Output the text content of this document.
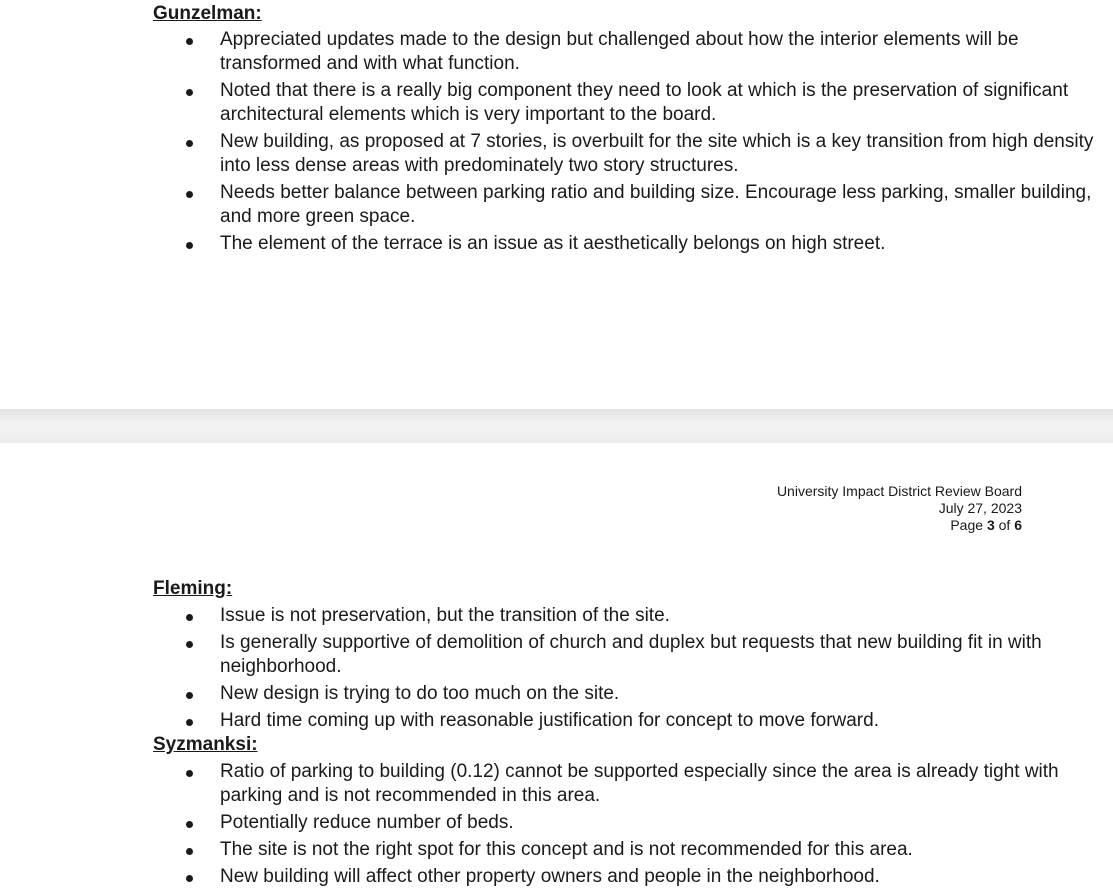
Gunzelman:
Appreciated updates made to the design but challenged about how the interior elements will be transformed and with what function.
Noted that there is a really big component they need to look at which is the preservation of significant architectural elements which is very important to the board.
New building, as proposed at 7 stories, is overbuilt for the site which is a key transition from high density into less dense areas with predominately two story structures.
Needs better balance between parking ratio and building size. Encourage less parking, smaller building, and more green space.
The element of the terrace is an issue as it aesthetically belongs on high street.
University Impact District Review Board
July 27, 2023
Page 3 of 6
Fleming:
Issue is not preservation, but the transition of the site.
Is generally supportive of demolition of church and duplex but requests that new building fit in with neighborhood.
New design is trying to do too much on the site.
Hard time coming up with reasonable justification for concept to move forward.
Syzmanksi:
Ratio of parking to building (0.12) cannot be supported especially since the area is already tight with parking and is not recommended in this area.
Potentially reduce number of beds.
The site is not the right spot for this concept and is not recommended for this area.
New building will affect other property owners and people in the neighborhood.
